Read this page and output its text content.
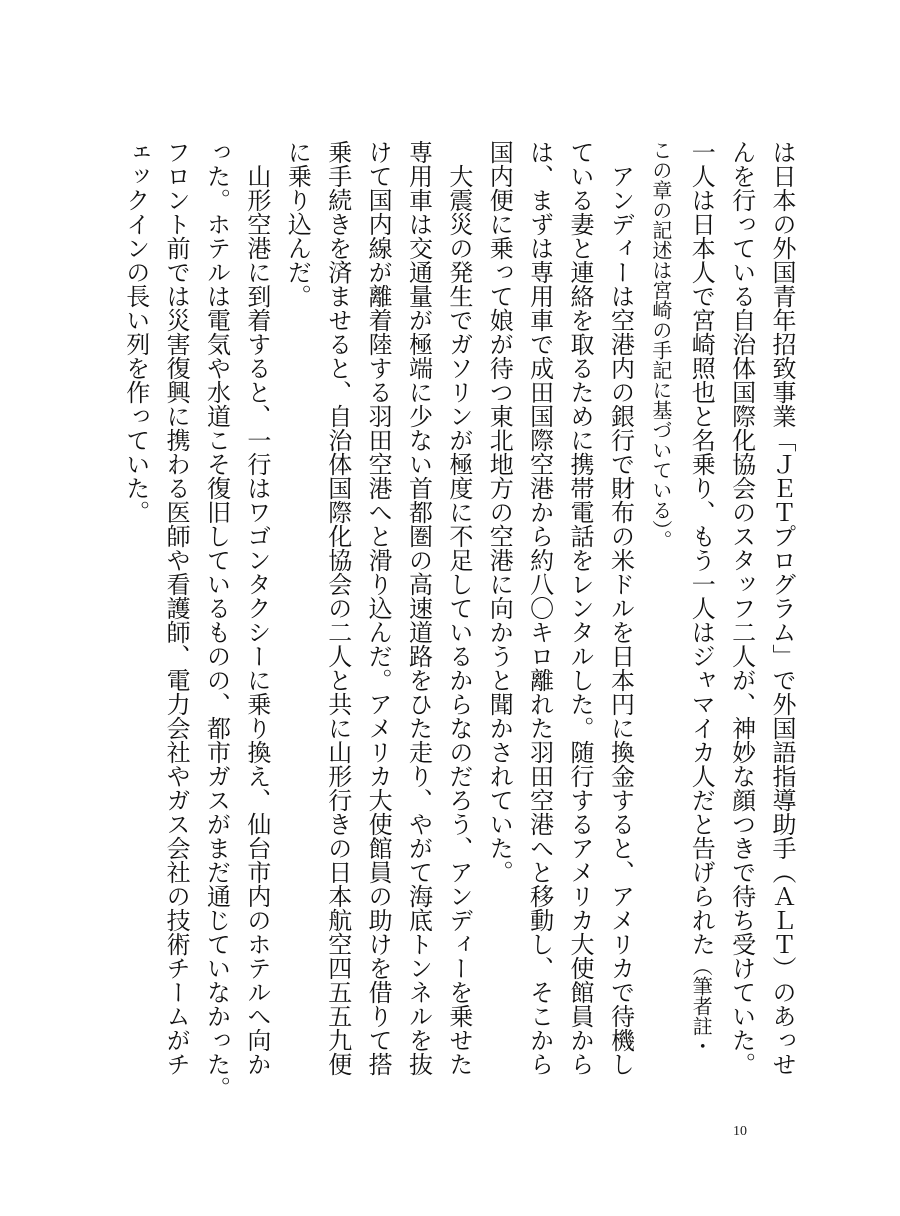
は日本の外国青年招致事業「ＪＥＴプログラム」で外国語指導助手（ＡＬＴ）のあっせ
んを行っている自治体国際化協会のスタッフ二人が、神妙な顔つきで待ち受けていた。
一人は日本人で宮崎照也と名乗り、もう一人はジャマイカ人だと告げられた（筆者註・
この章の記述は宮崎の手記に基づいている）。
　アンディーは空港内の銀行で財布の米ドルを日本円に換金すると、アメリカで待機し
ている妻と連絡を取るために携帯電話をレンタルした。随行するアメリカ大使館員から
は、まずは専用車で成田国際空港から約八〇キロ離れた羽田空港へと移動し、そこから
国内便に乗って娘が待つ東北地方の空港に向かうと聞かされていた。
　大震災の発生でガソリンが極度に不足しているからなのだろう、アンディーを乗せた
専用車は交通量が極端に少ない首都圏の高速道路をひた走り、やがて海底トンネルを抜
けて国内線が離着陸する羽田空港へと滑り込んだ。アメリカ大使館員の助けを借りて搭
乗手続きを済ませると、自治体国際化協会の二人と共に山形行きの日本航空四五五九便
に乗り込んだ。
　山形空港に到着すると、一行はワゴンタクシーに乗り換え、仙台市内のホテルへ向か
った。ホテルは電気や水道こそ復旧しているものの、都市ガスがまだ通じていなかった。
フロント前では災害復興に携わる医師や看護師、電力会社やガス会社の技術チームがチ
ェックインの長い列を作っていた。
10
